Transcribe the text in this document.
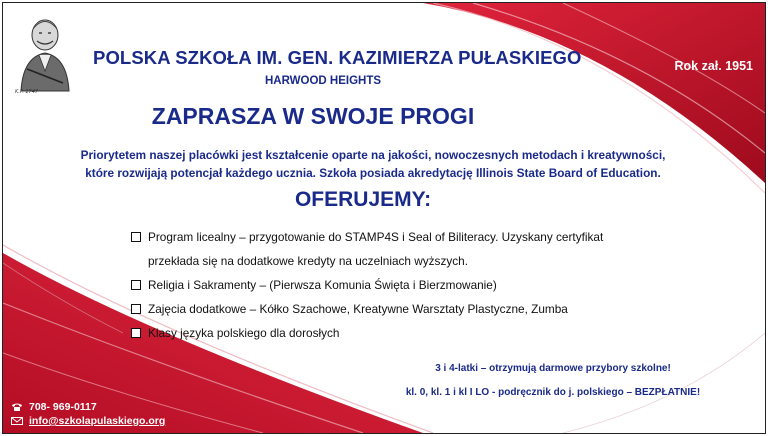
K.P. 1747
POLSKA SZKOŁA IM. GEN. KAZIMIERZA PUŁASKIEGO
HARWOOD HEIGHTS
Rok zał. 1951
ZAPRASZA W SWOJE PROGI
Priorytetem naszej placówki jest kształcenie oparte na jakości, nowoczesnych metodach i kreatywności,
które rozwijają potencjał każdego ucznia. Szkoła posiada akredytację Illinois State Board of Education.
OFERUJEMY:
Program licealny – przygotowanie do STAMP4S i Seal of Biliteracy. Uzyskany certyfikat
przekłada się na dodatkowe kredyty na uczelniach wyższych.
Religia i Sakramenty – (Pierwsza Komunia Święta i Bierzmowanie)
Zajęcia dodatkowe – Kółko Szachowe, Kreatywne Warsztaty Plastyczne, Zumba
Klasy języka polskiego dla dorosłych
3 i 4-latki – otrzymują darmowe przybory szkolne!
kl. 0, kl. 1 i kl I LO - podręcznik do j. polskiego – BEZPŁATNIE!
708- 969-0117
info@szkolapulaskiego.org
